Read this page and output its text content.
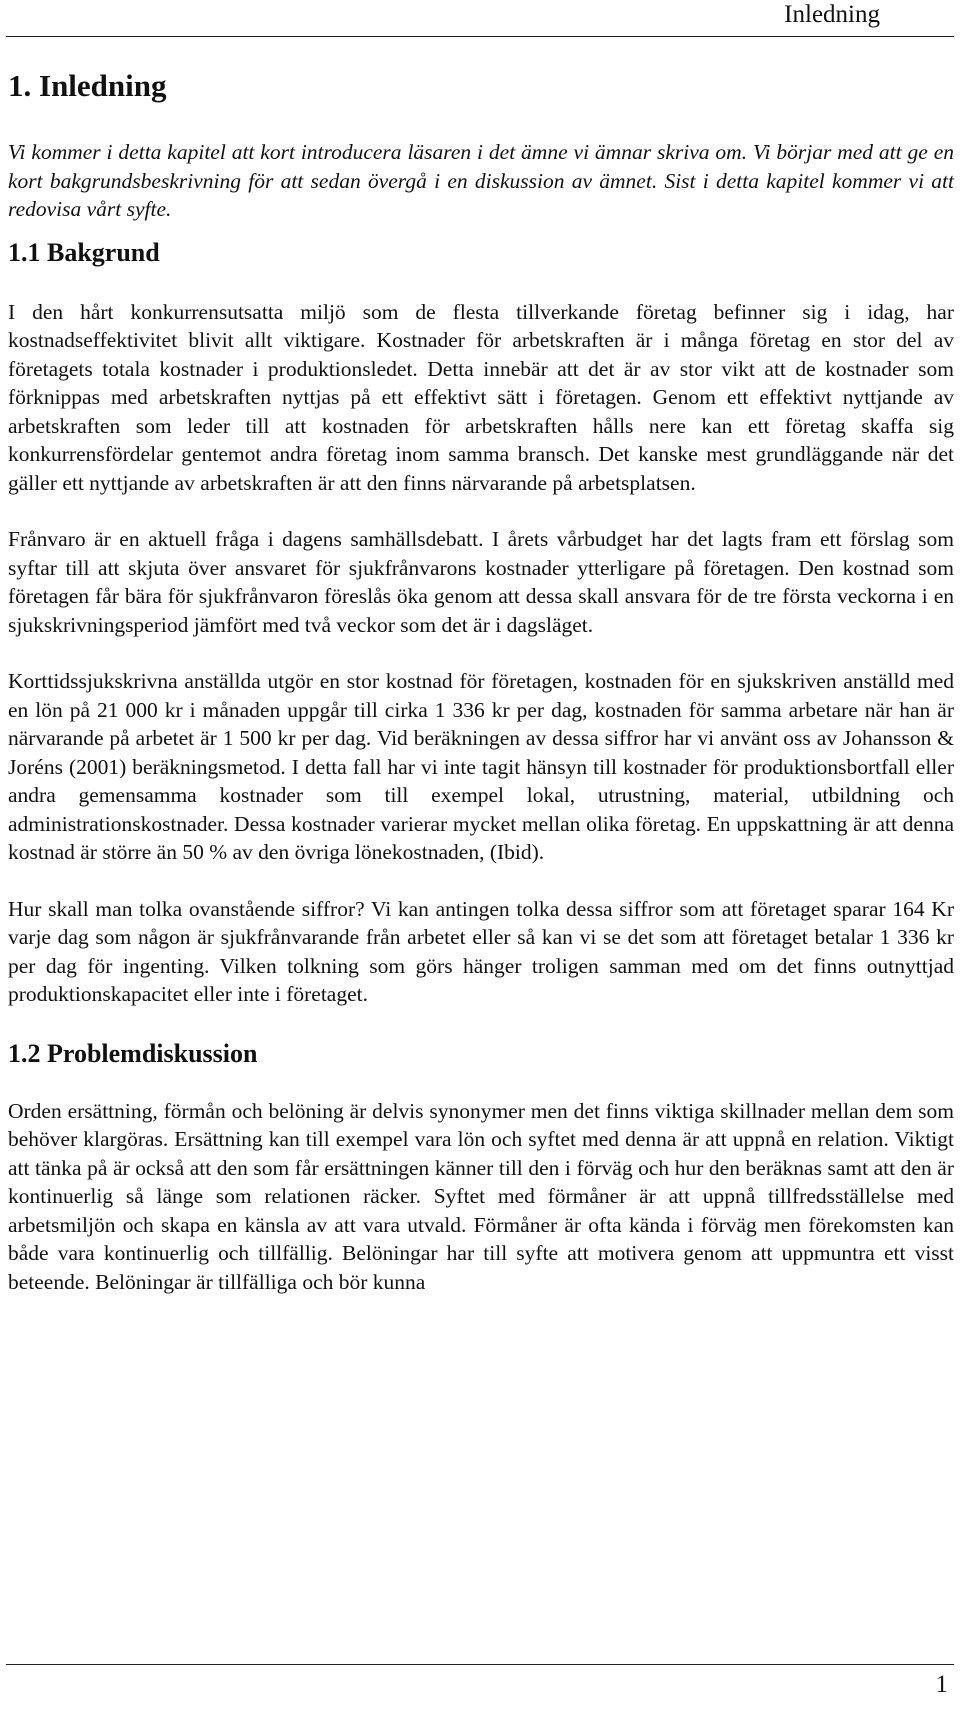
Inledning
1. Inledning

Vi kommer i detta kapitel att kort introducera läsaren i det ämne vi ämnar skriva om. Vi börjar med att ge en kort bakgrundsbeskrivning för att sedan övergå i en diskussion av ämnet. Sist i detta kapitel kommer vi att redovisa vårt syfte.

1.1 Bakgrund

I den hårt konkurrensutsatta miljö som de flesta tillverkande företag befinner sig i idag, har kostnadseffektivitet blivit allt viktigare. Kostnader för arbetskraften är i många företag en stor del av företagets totala kostnader i produktionsledet. Detta innebär att det är av stor vikt att de kostnader som förknippas med arbetskraften nyttjas på ett effektivt sätt i företagen. Genom ett effektivt nyttjande av arbetskraften som leder till att kostnaden för arbetskraften hålls nere kan ett företag skaffa sig konkurrensfördelar gentemot andra företag inom samma bransch. Det kanske mest grundläggande när det gäller ett nyttjande av arbetskraften är att den finns närvarande på arbetsplatsen.

Frånvaro är en aktuell fråga i dagens samhällsdebatt. I årets vårbudget har det lagts fram ett förslag som syftar till att skjuta över ansvaret för sjukfrånvarons kostnader ytterligare på företagen. Den kostnad som företagen får bära för sjukfrånvaron föreslås öka genom att dessa skall ansvara för de tre första veckorna i en sjukskrivningsperiod jämfört med två veckor som det är i dagsläget.

Korttidssjukskrivna anställda utgör en stor kostnad för företagen, kostnaden för en sjukskriven anställd med en lön på 21 000 kr i månaden uppgår till cirka 1 336 kr per dag, kostnaden för samma arbetare när han är närvarande på arbetet är 1 500 kr per dag. Vid beräkningen av dessa siffror har vi använt oss av Johansson & Joréns (2001) beräkningsmetod. I detta fall har vi inte tagit hänsyn till kostnader för produktionsbortfall eller andra gemensamma kostnader som till exempel lokal, utrustning, material, utbildning och administrationskostnader. Dessa kostnader varierar mycket mellan olika företag. En uppskattning är att denna kostnad är större än 50 % av den övriga lönekostnaden, (Ibid).

Hur skall man tolka ovanstående siffror? Vi kan antingen tolka dessa siffror som att företaget sparar 164 Kr varje dag som någon är sjukfrånvarande från arbetet eller så kan vi se det som att företaget betalar 1 336 kr per dag för ingenting. Vilken tolkning som görs hänger troligen samman med om det finns outnyttjad produktionskapacitet eller inte i företaget.

1.2 Problemdiskussion

Orden ersättning, förmån och belöning är delvis synonymer men det finns viktiga skillnader mellan dem som behöver klargöras. Ersättning kan till exempel vara lön och syftet med denna är att uppnå en relation. Viktigt att tänka på är också att den som får ersättningen känner till den i förväg och hur den beräknas samt att den är kontinuerlig så länge som relationen räcker. Syftet med förmåner är att uppnå tillfredsställelse med arbetsmiljön och skapa en känsla av att vara utvald. Förmåner är ofta kända i förväg men förekomsten kan både vara kontinuerlig och tillfällig. Belöningar har till syfte att motivera genom att uppmuntra ett visst beteende. Belöningar är tillfälliga och bör kunna

1
